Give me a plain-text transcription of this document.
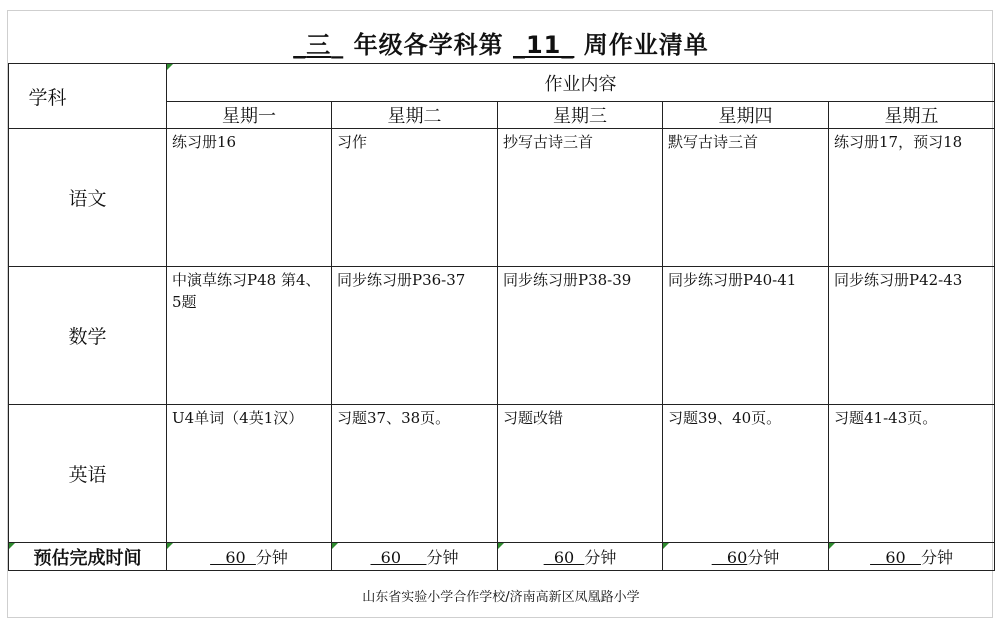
_三_ 年级各学科第 _11_ 周作业清单
学科	作业内容				
	星期一	星期二	星期三	星期四	星期五
语文	练习册16	习作	抄写古诗三首	默写古诗三首	练习册17，预习18
数学	中演草练习P48 第4、5题	同步练习册P36-37	同步练习册P38-39	同步练习册P40-41	同步练习册P42-43
英语	U4单词（4英1汉）	习题37、38页。	习题改错	习题39、40页。	习题41-43页。

预估完成时间	60  分钟	60     分钟	60  分钟	60分钟	60   分钟
山东省实验小学合作学校/济南高新区凤凰路小学
